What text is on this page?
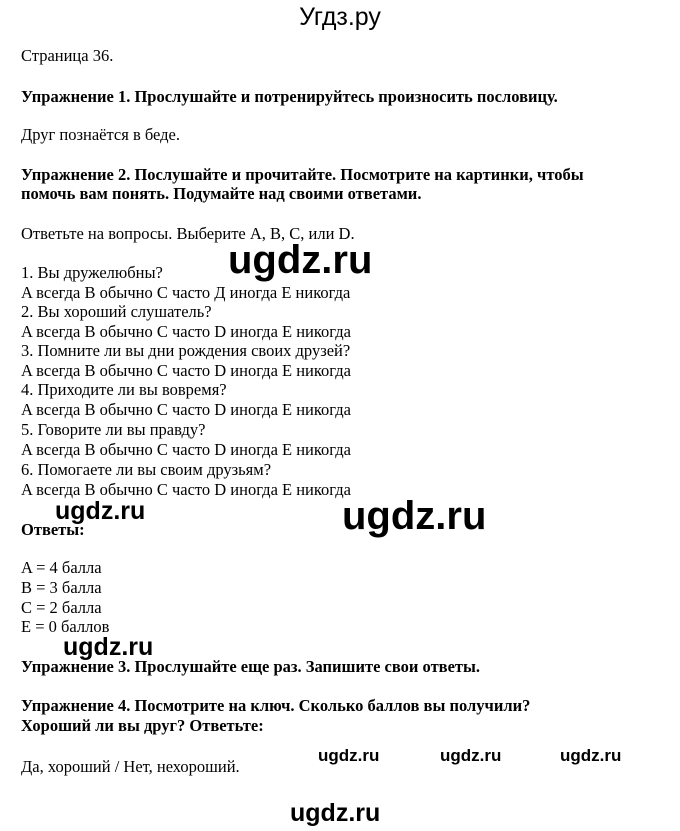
Угдз.ру
Страница 36.
Упражнение 1. Прослушайте и потренируйтесь произносить пословицу.
Друг познаётся в беде.
Упражнение 2. Послушайте и прочитайте. Посмотрите на картинки, чтобы
помочь вам понять. Подумайте над своими ответами.
Ответьте на вопросы. Выберите A, B, C, или D.
1. Вы дружелюбны?
A всегда B обычно C часто Д иногда E никогда
2. Вы хороший слушатель?
A всегда B обычно C часто D иногда E никогда
3. Помните ли вы дни рождения своих друзей?
A всегда B обычно C часто D иногда E никогда
4. Приходите ли вы вовремя?
A всегда B обычно C часто D иногда E никогда
5. Говорите ли вы правду?
A всегда B обычно C часто D иногда E никогда
6. Помогаете ли вы своим друзьям?
A всегда B обычно C часто D иногда E никогда
Ответы:
A = 4 балла
B = 3 балла
C = 2 балла
E = 0 баллов
Упражнение 3. Прослушайте еще раз. Запишите свои ответы.
Упражнение 4. Посмотрите на ключ. Сколько баллов вы получили?
Хороший ли вы друг? Ответьте:
Да, хороший / Нет, нехороший.
ugdz.ru
ugdz.ru
ugdz.ru
ugdz.ru
ugdz.ru	ugdz.ru	ugdz.ru
ugdz.ru
